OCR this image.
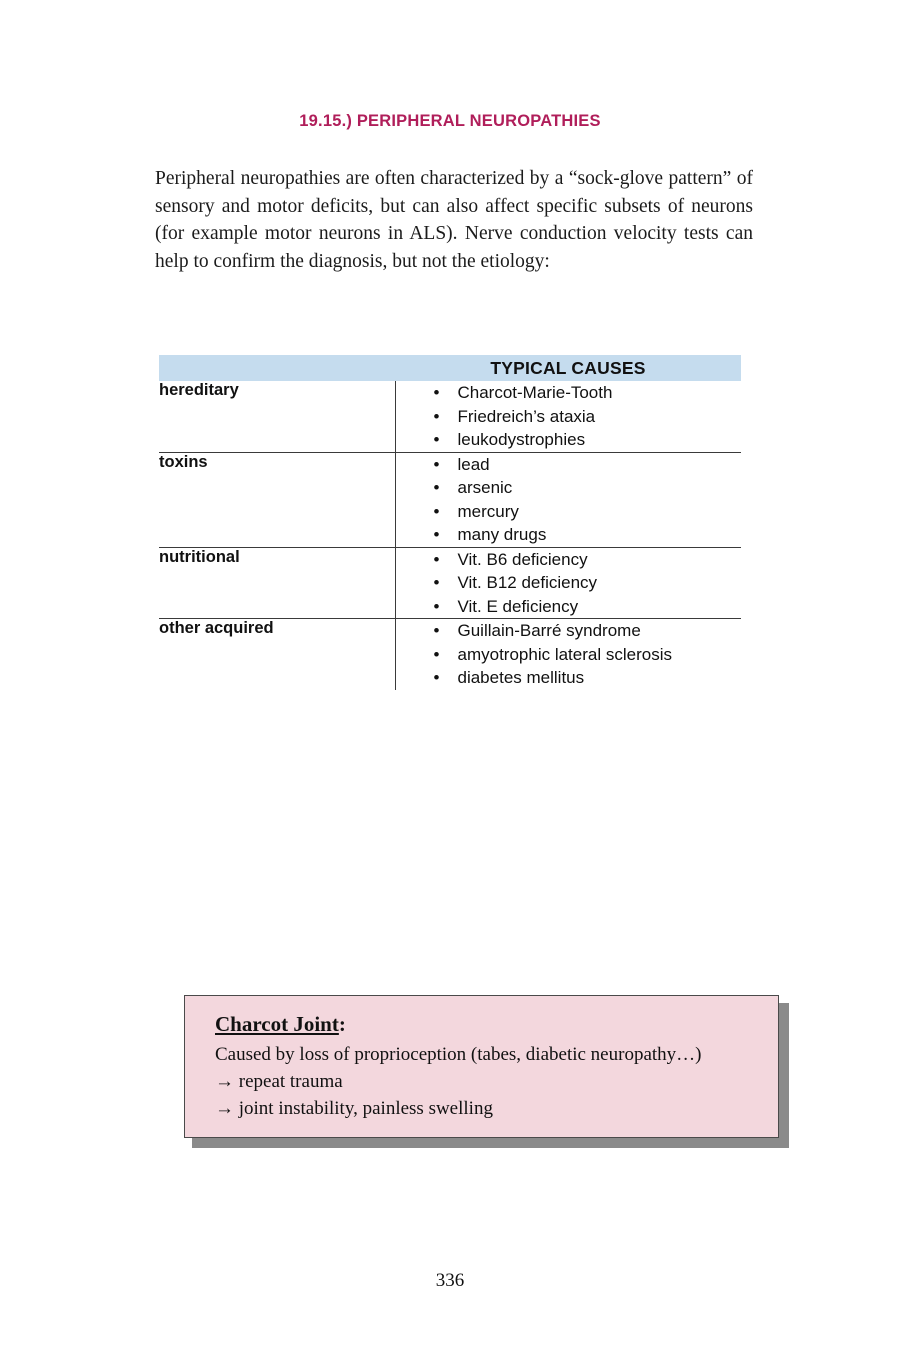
19.15.) PERIPHERAL NEUROPATHIES
Peripheral neuropathies are often characterized by a “sock-glove pattern” of sensory and motor deficits, but can also affect specific subsets of neurons (for example motor neurons in ALS). Nerve conduction velocity tests can help to confirm the diagnosis, but not the etiology:
	TYPICAL CAUSES
hereditary	
•Charcot-Marie-Tooth
• Friedreich’s ataxia
• leukodystrophies

toxins	
•lead
• arsenic
• mercury
• many drugs

nutritional	
•Vit. B6 deficiency
• Vit. B12 deficiency
• Vit. E deficiency

other acquired	
•Guillain-Barré syndrome
• amyotrophic lateral sclerosis
• diabetes mellitus
Charcot Joint:
Caused by loss of proprioception (tabes, diabetic neuropathy…)
→ repeat trauma
→ joint instability, painless swelling
336
